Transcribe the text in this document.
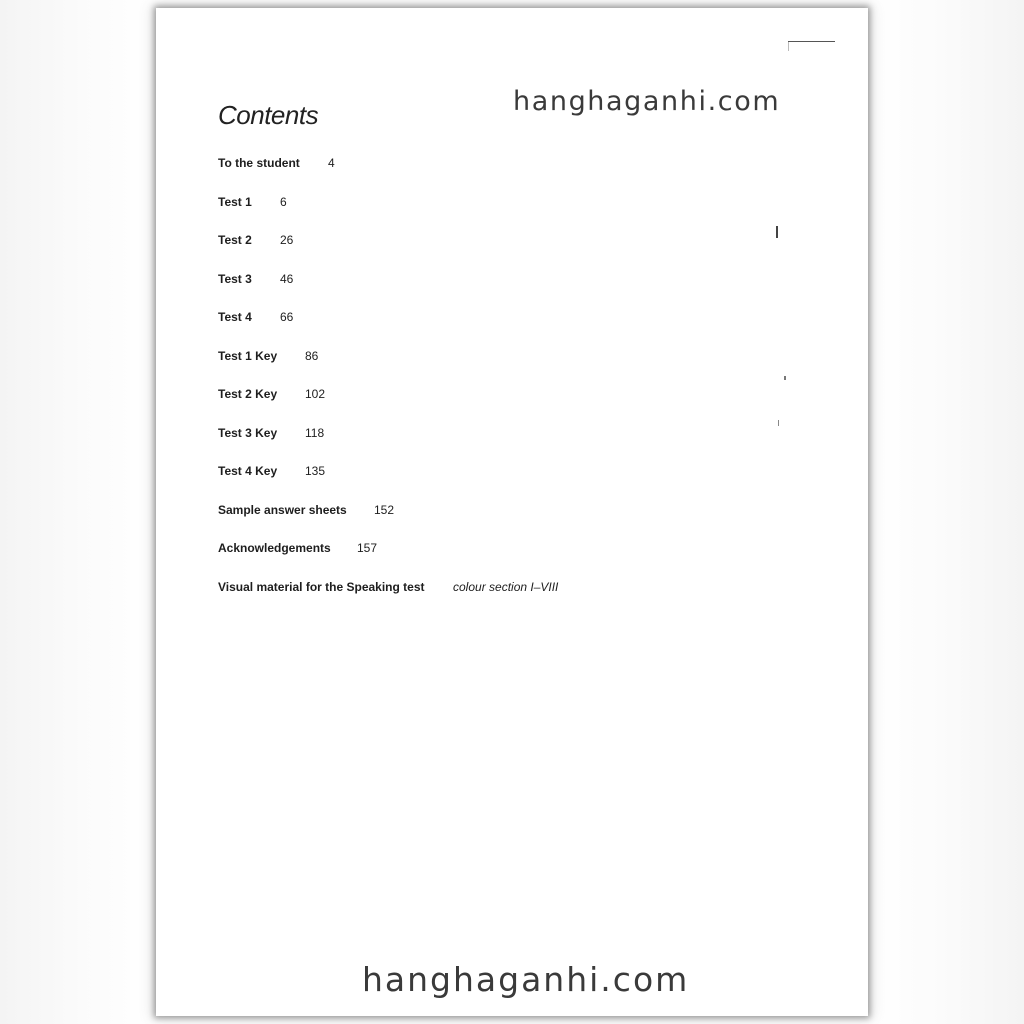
Contents
To the student 4
Test 1 6
Test 2 26
Test 3 46
Test 4 66
Test 1 Key 86
Test 2 Key 102
Test 3 Key 118
Test 4 Key 135
Sample answer sheets 152
Acknowledgements 157
Visual material for the Speaking test colour section I–VIII
hanghaganhi.com
hanghaganhi.com
